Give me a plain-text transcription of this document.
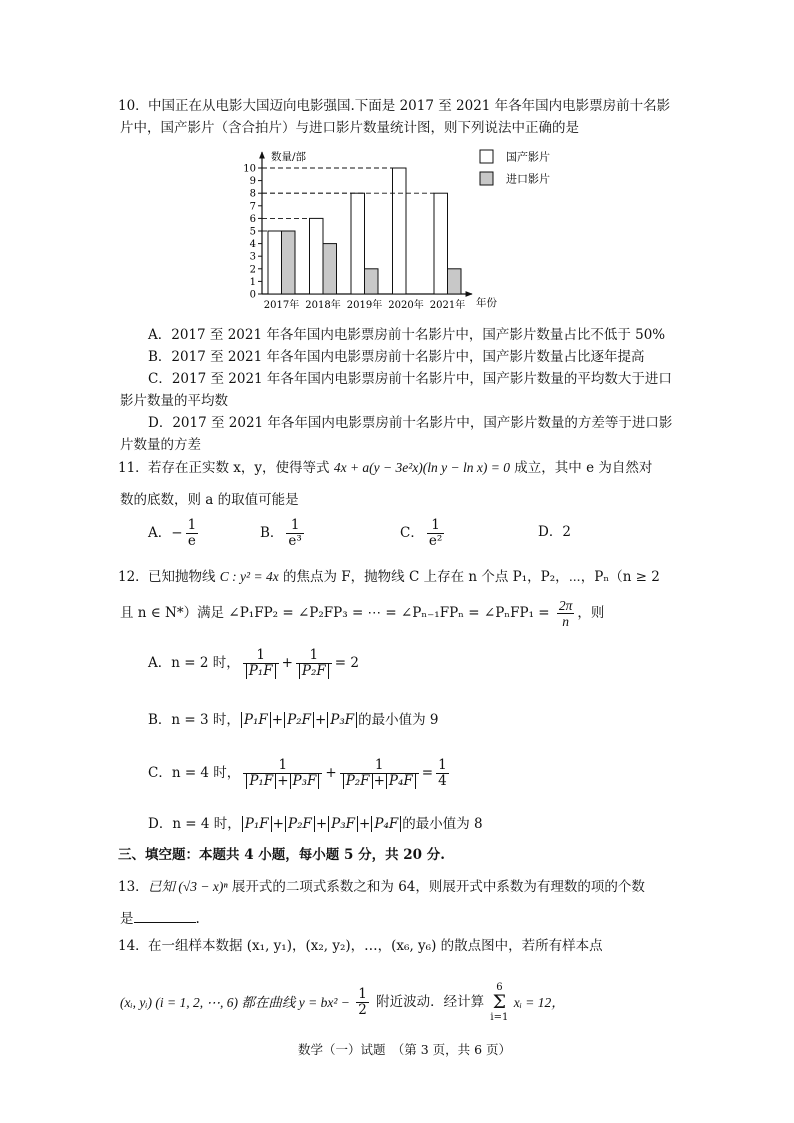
10． 中国正在从电影大国迈向电影强国.下面是 2017 至 2021 年各年国内电影票房前十名影
片中，国产影片（含合拍片）与进口影片数量统计图，则下列说法中正确的是
数量/部
年份
0
1
2
3
4
5
6
7
8
9
10
2017年 2018年 2019年 2020年 2021年
国产影片
进口影片
A．2017 至 2021 年各年国内电影票房前十名影片中，国产影片数量占比不低于 50%
B．2017 至 2021 年各年国内电影票房前十名影片中，国产影片数量占比逐年提高
C．2017 至 2021 年各年国内电影票房前十名影片中，国产影片数量的平均数大于进口
影片数量的平均数
D．2017 至 2021 年各年国内电影票房前十名影片中，国产影片数量的方差等于进口影
片数量的方差
11． 若存在正实数 x，y，使得等式 4x + a(y − 3e²x)(ln y − ln x) = 0 成立，其中 e 为自然对
数的底数，则 a 的取值可能是
A．− $\frac{1}{e}$	B． $\frac{1}{\text{e³}}$	C． $\frac{1}{\text{e²}}$	D．2
12． 已知抛物线 C : y² = 4x 的焦点为 F，抛物线 C 上存在 n 个点 P₁，P₂，⋯，Pₙ（n ≥ 2
且 n ∈ N*）满足 ∠P₁FP₂ = ∠P₂FP₃ = ⋯ = ∠Pₙ₋₁FPₙ = ∠PₙFP₁ = $\frac{2\pi}{n}$ ，则
A．n = 2 时， $\frac{1}{\text{P₁F}} + \frac{1}{\text{P₂F}} = 2$
B．n = 3 时， P₁F + P₂F + P₃F 的最小值为 9
C．n = 4 时， $\frac{1}{\text{P₁F + P₃F}} + \frac{1}{\text{P₂F + P₄F}} = \frac{1}{4}$
D．n = 4 时， P₁F + P₂F + P₃F + P₄F 的最小值为 8
三、填空题：本题共 4 小题，每小题 5 分，共 20 分.
13． 已知 (√3 − x)ⁿ 展开式的二项式系数之和为 64，则展开式中系数为有理数的项的个数
是	.
14． 在一组样本数据 (x₁, y₁)，(x₂, y₂)，…，(x₆, y₆) 的散点图中，若所有样本点
(xᵢ, yᵢ) (i = 1, 2, ⋯, 6) 都在曲线 $y = bx^2 - \frac{1}{2}$ 附近波动．经计算
6
Σ
i=1
xᵢ = 12，
数学（一）试题　（第 3 页，共 6 页）
